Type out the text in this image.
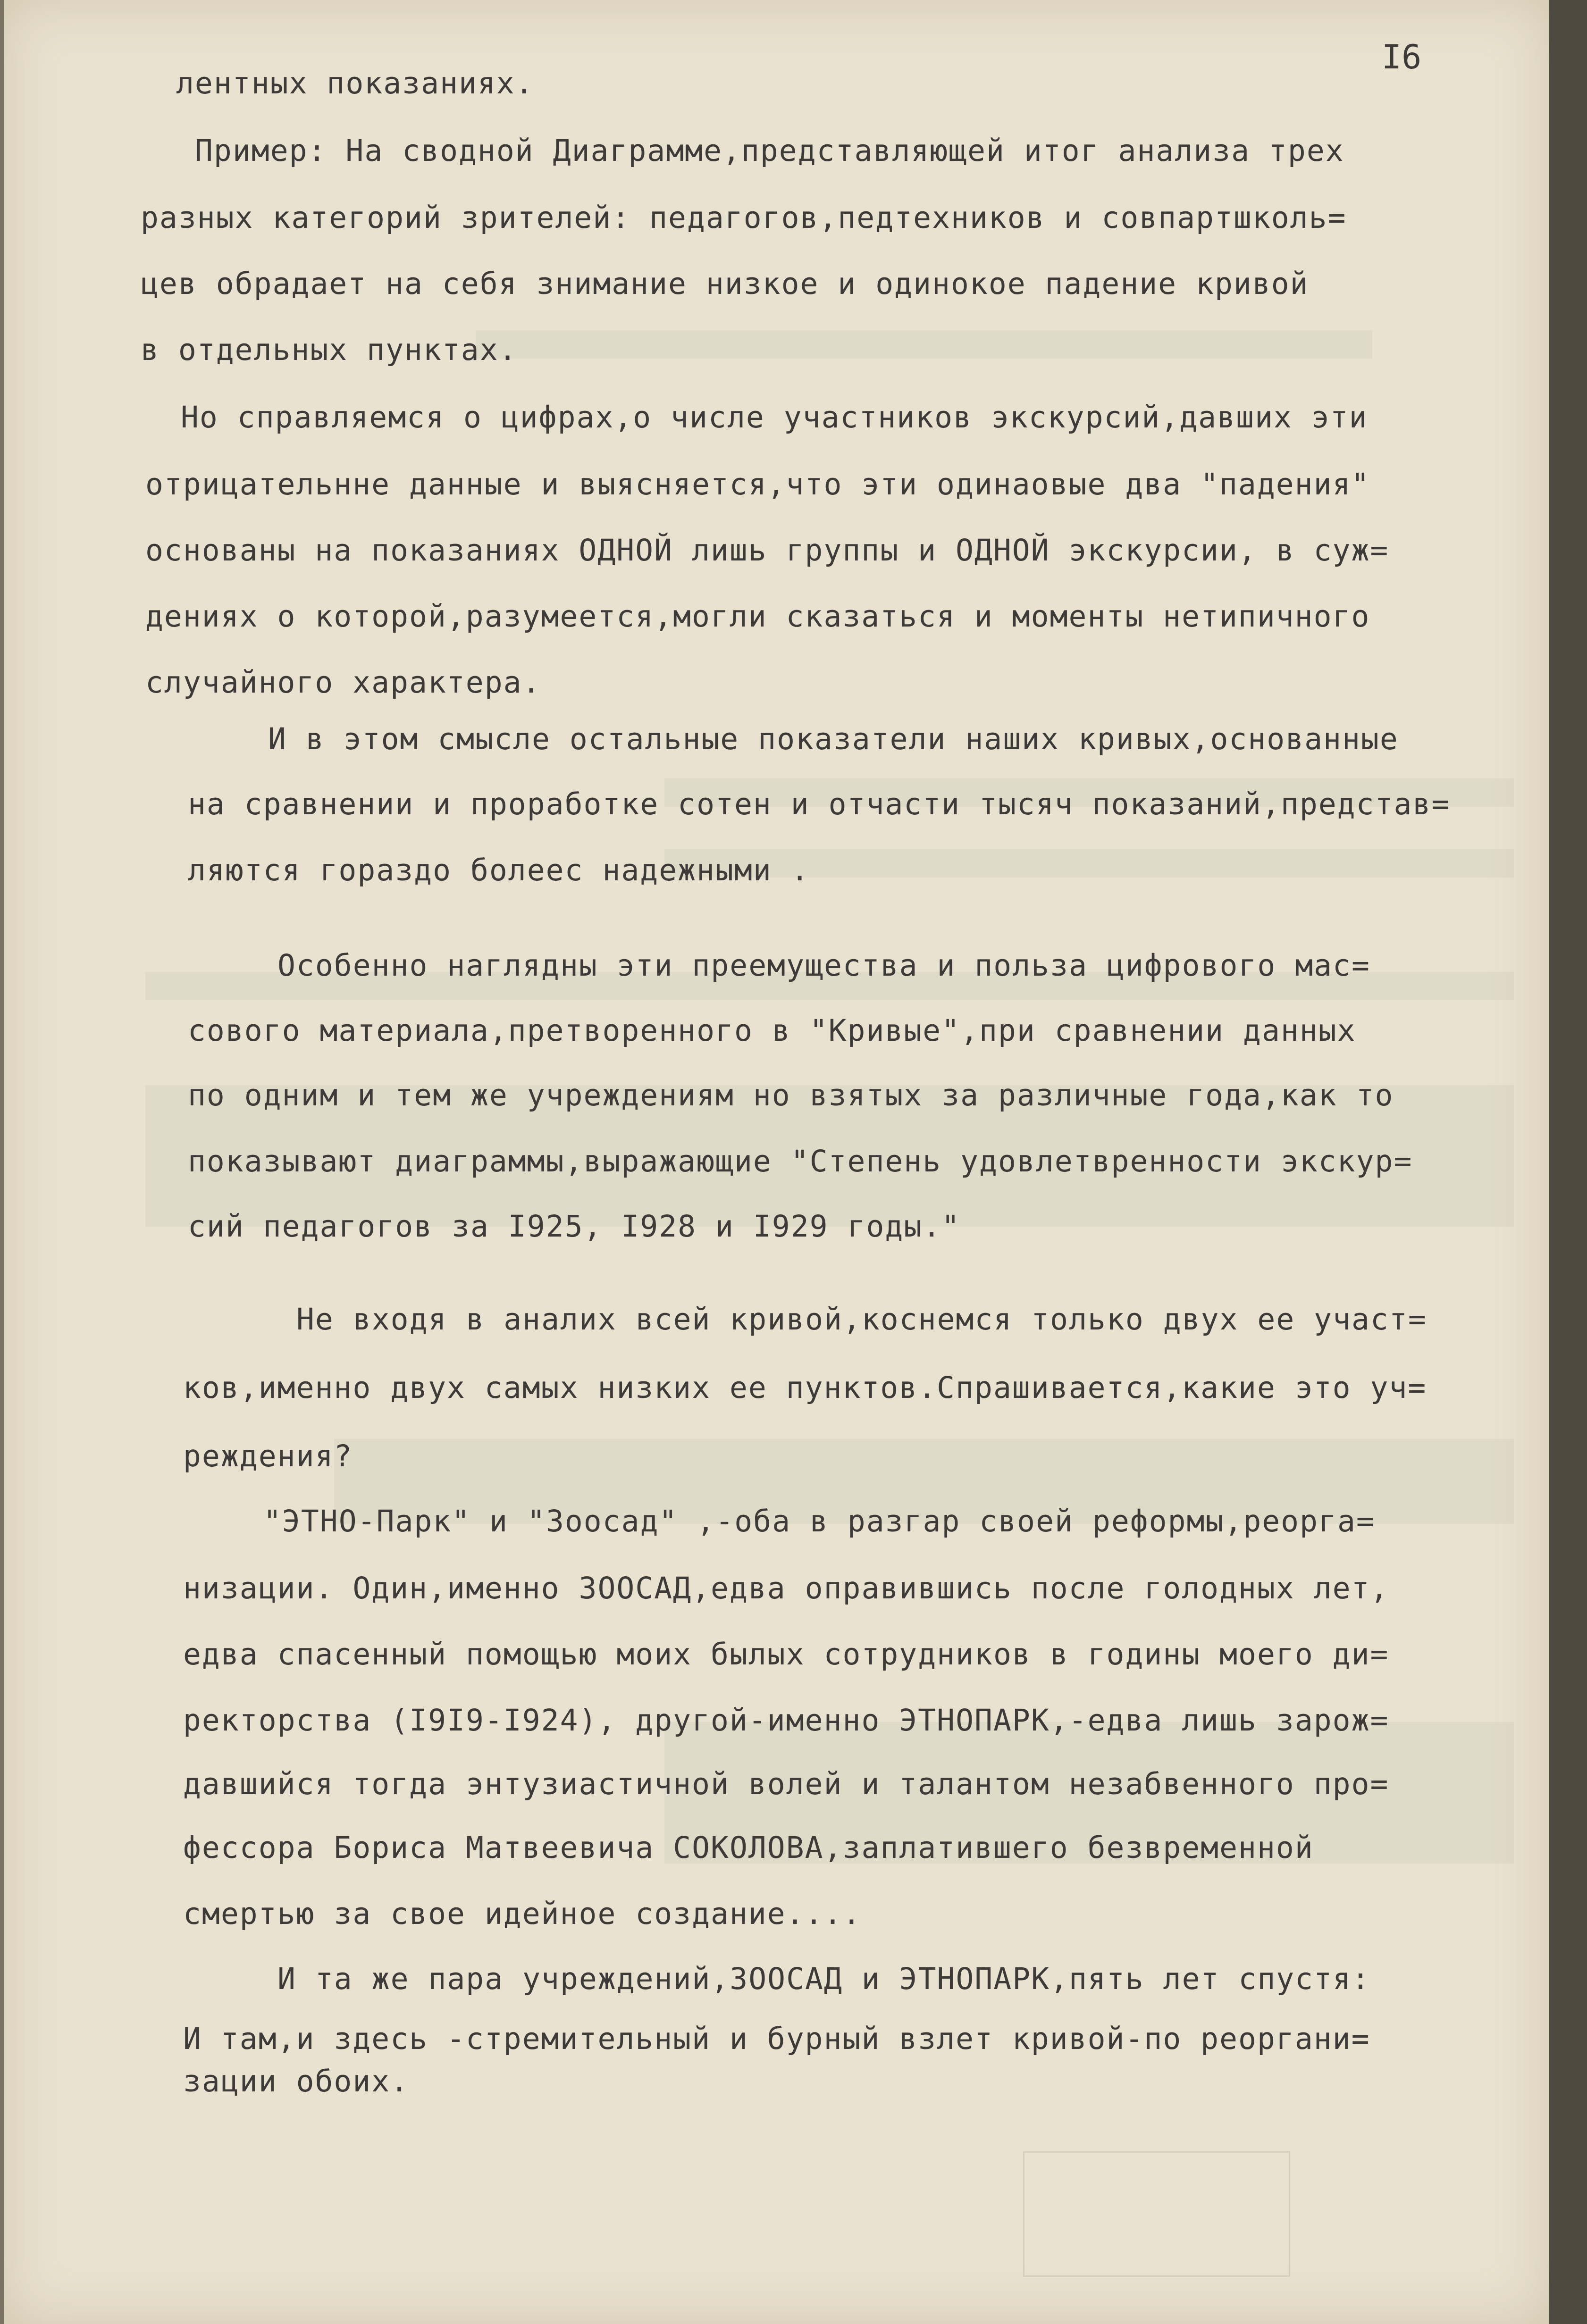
I6
лентных показаниях.
Пример: На сводной Диаграмме,представляющей итог анализа трех
разных категорий зрителей: педагогов,педтехников и совпартшколь=
цев обрадает на себя знимание низкое и одинокое падение кривой
в отдельных пунктах.
Но справляемся о цифрах,о числе участников экскурсий,давших эти
отрицательнне данные и выясняется,что эти одинаовые два "падения"
основаны на показаниях ОДНОЙ лишь группы и ОДНОЙ экскурсии, в суж=
дениях о которой,разумеется,могли сказаться и моменты нетипичного
случайного характера.
И в этом смысле остальные показатели наших кривых,основанные
на сравнении и проработке сотен и отчасти тысяч показаний,представ=
ляются гораздо болеес надежными .
Особенно наглядны эти преемущества и польза цифрового мас=
сового материала,претворенного в "Кривые",при сравнении данных
по одним и тем же учреждениям но взятых за различные года,как то
показывают диаграммы,выражающие "Степень удовлетвренности экскур=
сий педагогов за I925, I928 и I929 годы."
Не входя в аналих всей кривой,коснемся только двух ее участ=
ков,именно двух самых низких ее пунктов.Спрашивается,какие это уч=
реждения?
"ЭТНО-Парк" и "Зоосад" ,-оба в разгар своей реформы,реорга=
низации. Один,именно ЗООСАД,едва оправившись после голодных лет,
едва спасенный помощью моих былых сотрудников в годины моего ди=
ректорства (I9I9-I924), другой-именно ЭТНОПАРК,-едва лишь зарож=
давшийся тогда энтузиастичной волей и талантом незабвенного про=
фессора Бориса Матвеевича СОКОЛОВА,заплатившего безвременной
смертью за свое идейное создание....
И та же пара учреждений,ЗООСАД и ЭТНОПАРК,пять лет спустя:
И там,и здесь -стремительный и бурный взлет кривой-по реоргани=
зации обоих.
